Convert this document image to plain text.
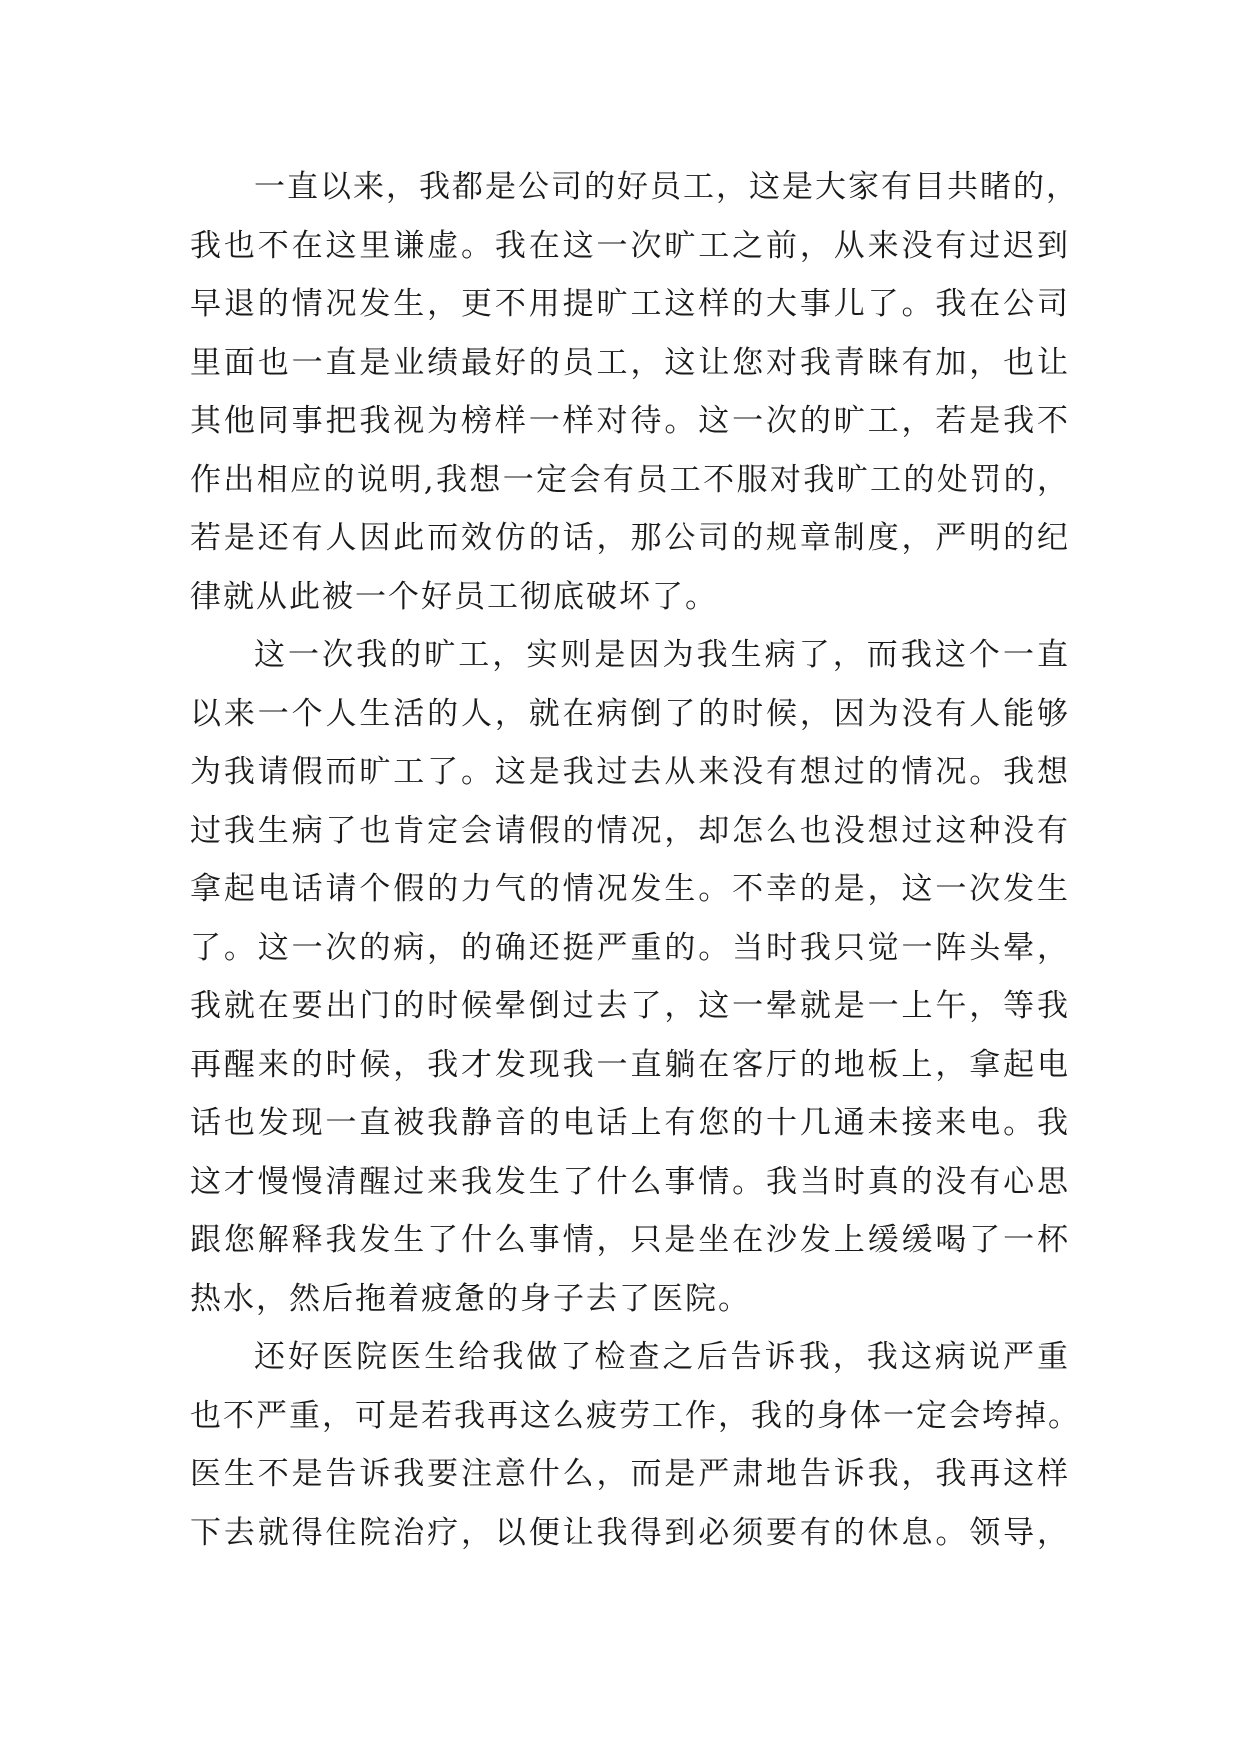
一直以来，我都是公司的好员工，这是大家有目共睹的，
我也不在这里谦虚。我在这一次旷工之前，从来没有过迟到
早退的情况发生，更不用提旷工这样的大事儿了。我在公司
里面也一直是业绩最好的员工，这让您对我青睐有加，也让
其他同事把我视为榜样一样对待。这一次的旷工，若是我不
作出相应的说明,我想一定会有员工不服对我旷工的处罚的，
若是还有人因此而效仿的话，那公司的规章制度，严明的纪
律就从此被一个好员工彻底破坏了。
这一次我的旷工，实则是因为我生病了，而我这个一直
以来一个人生活的人，就在病倒了的时候，因为没有人能够
为我请假而旷工了。这是我过去从来没有想过的情况。我想
过我生病了也肯定会请假的情况，却怎么也没想过这种没有
拿起电话请个假的力气的情况发生。不幸的是，这一次发生
了。这一次的病，的确还挺严重的。当时我只觉一阵头晕，
我就在要出门的时候晕倒过去了，这一晕就是一上午，等我
再醒来的时候，我才发现我一直躺在客厅的地板上，拿起电
话也发现一直被我静音的电话上有您的十几通未接来电。我
这才慢慢清醒过来我发生了什么事情。我当时真的没有心思
跟您解释我发生了什么事情，只是坐在沙发上缓缓喝了一杯
热水，然后拖着疲惫的身子去了医院。
还好医院医生给我做了检查之后告诉我，我这病说严重
也不严重，可是若我再这么疲劳工作，我的身体一定会垮掉。
医生不是告诉我要注意什么，而是严肃地告诉我，我再这样
下去就得住院治疗，以便让我得到必须要有的休息。领导，
